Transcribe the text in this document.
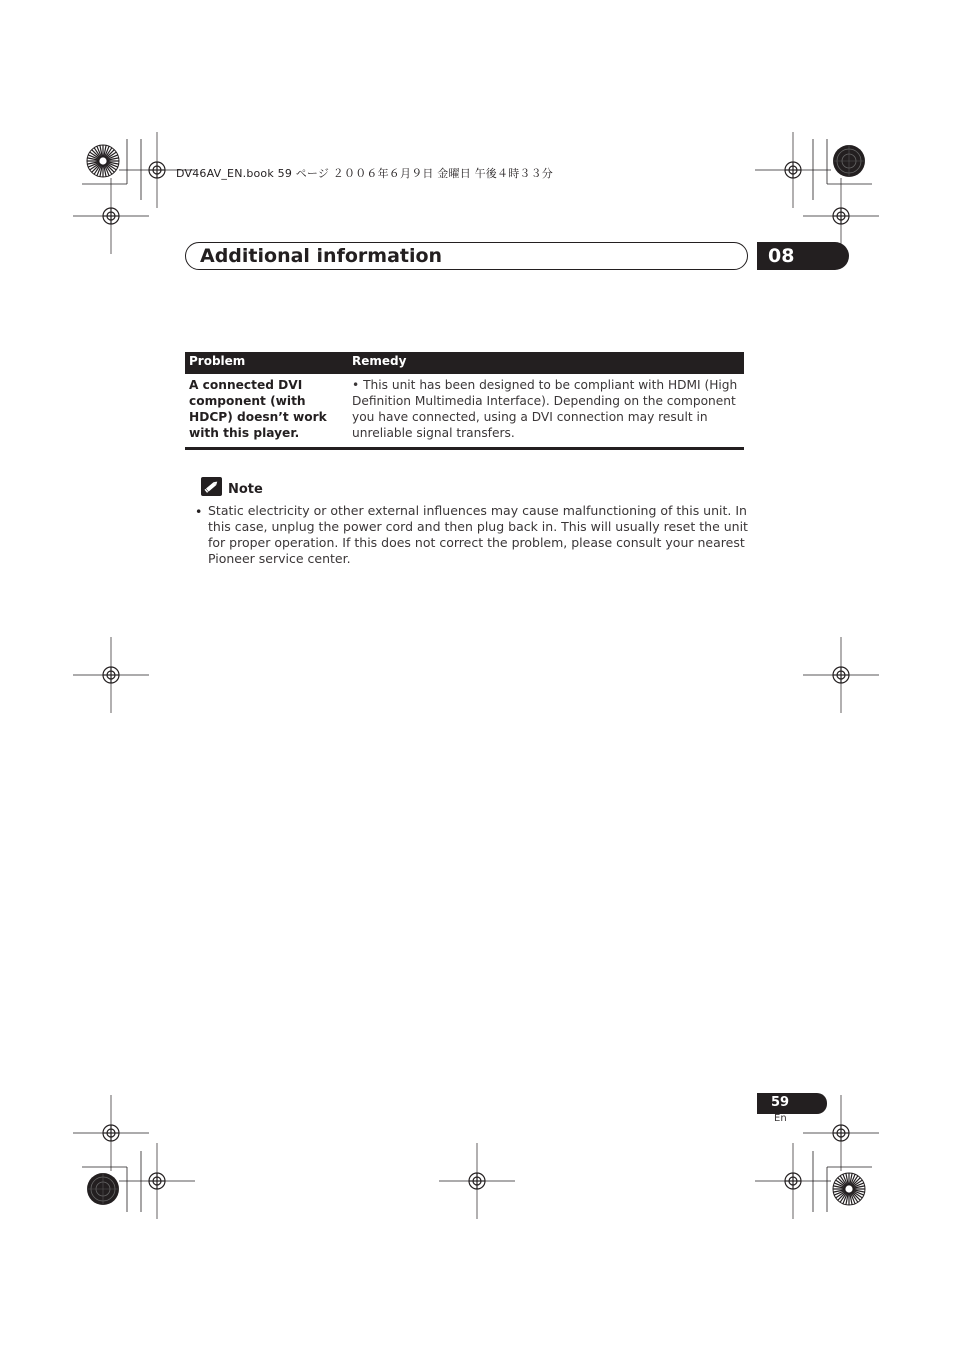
DV46AV_EN.book 59 ページ ２００６年６月９日 金曜日 午後４時３３分
Additional information	08
Problem	Remedy
A connected DVI component (with HDCP) doesn’t work with this player.
• This unit has been designed to be compliant with HDMI (High Definition Multimedia Interface). Depending on the component you have connected, using a DVI connection may result in unreliable signal transfers.
Note
• Static electricity or other external influences may cause malfunctioning of this unit. In this case, unplug the power cord and then plug back in. This will usually reset the unit for proper operation. If this does not correct the problem, please consult your nearest Pioneer service center.
59
En
